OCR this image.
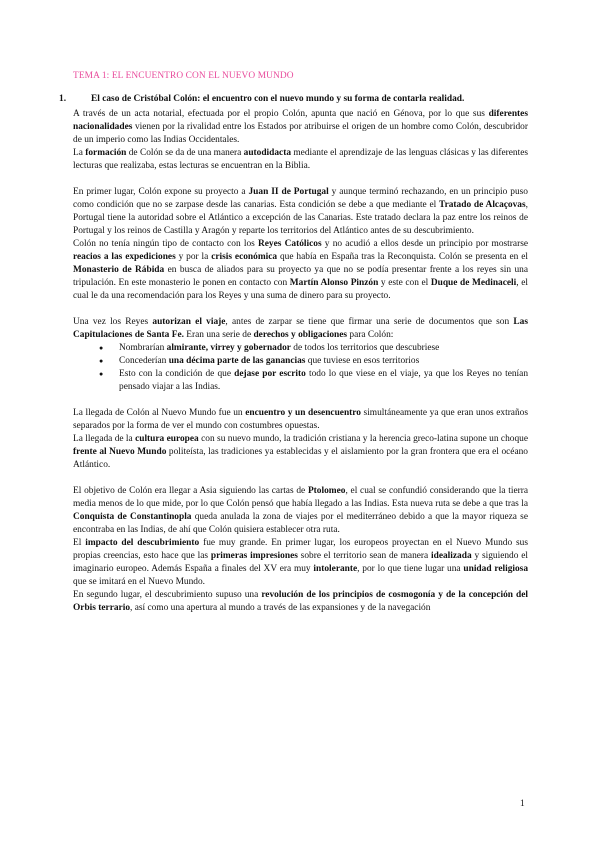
TEMA 1: EL ENCUENTRO CON EL NUEVO MUNDO
1.	El caso de Cristóbal Colón: el encuentro con el nuevo mundo y su forma de contarla realidad.

A través de un acta notarial, efectuada por el propio Colón, apunta que nació en Génova, por lo que sus diferentes nacionalidades vienen por la rivalidad entre los Estados por atribuirse el origen de un hombre como Colón, descubridor de un imperio como las Indias Occidentales.

La formación de Colón se da de una manera autodidacta mediante el aprendizaje de las lenguas clásicas y las diferentes lecturas que realizaba, estas lecturas se encuentran en la Biblia.

En primer lugar, Colón expone su proyecto a Juan II de Portugal y aunque terminó rechazando, en un principio puso como condición que no se zarpase desde las canarias. Esta condición se debe a que mediante el Tratado de Alcaçovas, Portugal tiene la autoridad sobre el Atlántico a excepción de las Canarias. Este tratado declara la paz entre los reinos de Portugal y los reinos de Castilla y Aragón y reparte los territorios del Atlántico antes de su descubrimiento.

Colón no tenía ningún tipo de contacto con los Reyes Católicos y no acudió a ellos desde un principio por mostrarse reacios a las expediciones y por la crisis económica que había en España tras la Reconquista. Colón se presenta en el Monasterio de Rábida en busca de aliados para su proyecto ya que no se podía presentar frente a los reyes sin una tripulación. En este monasterio le ponen en contacto con Martín Alonso Pinzón y este con el Duque de Medinaceli, el cual le da una recomendación para los Reyes y una suma de dinero para su proyecto.

Una vez los Reyes autorizan el viaje, antes de zarpar se tiene que firmar una serie de documentos que son Las Capitulaciones de Santa Fe. Eran una serie de derechos y obligaciones para Colón:

● Nombrarían almirante, virrey y gobernador de todos los territorios que descubriese
● Concederían una décima parte de las ganancias que tuviese en esos territorios
● Esto con la condición de que dejase por escrito todo lo que viese en el viaje, ya que los Reyes no tenían pensado viajar a las Indias.

La llegada de Colón al Nuevo Mundo fue un encuentro y un desencuentro simultáneamente ya que eran unos extraños separados por la forma de ver el mundo con costumbres opuestas.

La llegada de la cultura europea con su nuevo mundo, la tradición cristiana y la herencia greco-latina supone un choque frente al Nuevo Mundo politeísta, las tradiciones ya establecidas y el aislamiento por la gran frontera que era el océano Atlántico.

El objetivo de Colón era llegar a Asia siguiendo las cartas de Ptolomeo, el cual se confundió considerando que la tierra media menos de lo que mide, por lo que Colón pensó que había llegado a las Indias. Esta nueva ruta se debe a que tras la Conquista de Constantinopla queda anulada la zona de viajes por el mediterráneo debido a que la mayor riqueza se encontraba en las Indias, de ahí que Colón quisiera establecer otra ruta.

El impacto del descubrimiento fue muy grande. En primer lugar, los europeos proyectan en el Nuevo Mundo sus propias creencias, esto hace que las primeras impresiones sobre el territorio sean de manera idealizada y siguiendo el imaginario europeo. Además España a finales del XV era muy intolerante, por lo que tiene lugar una unidad religiosa que se imitará en el Nuevo Mundo.

En segundo lugar, el descubrimiento supuso una revolución de los principios de cosmogonía y de la concepción del Orbis terrario, así como una apertura al mundo a través de las expansiones y de la navegación

1
